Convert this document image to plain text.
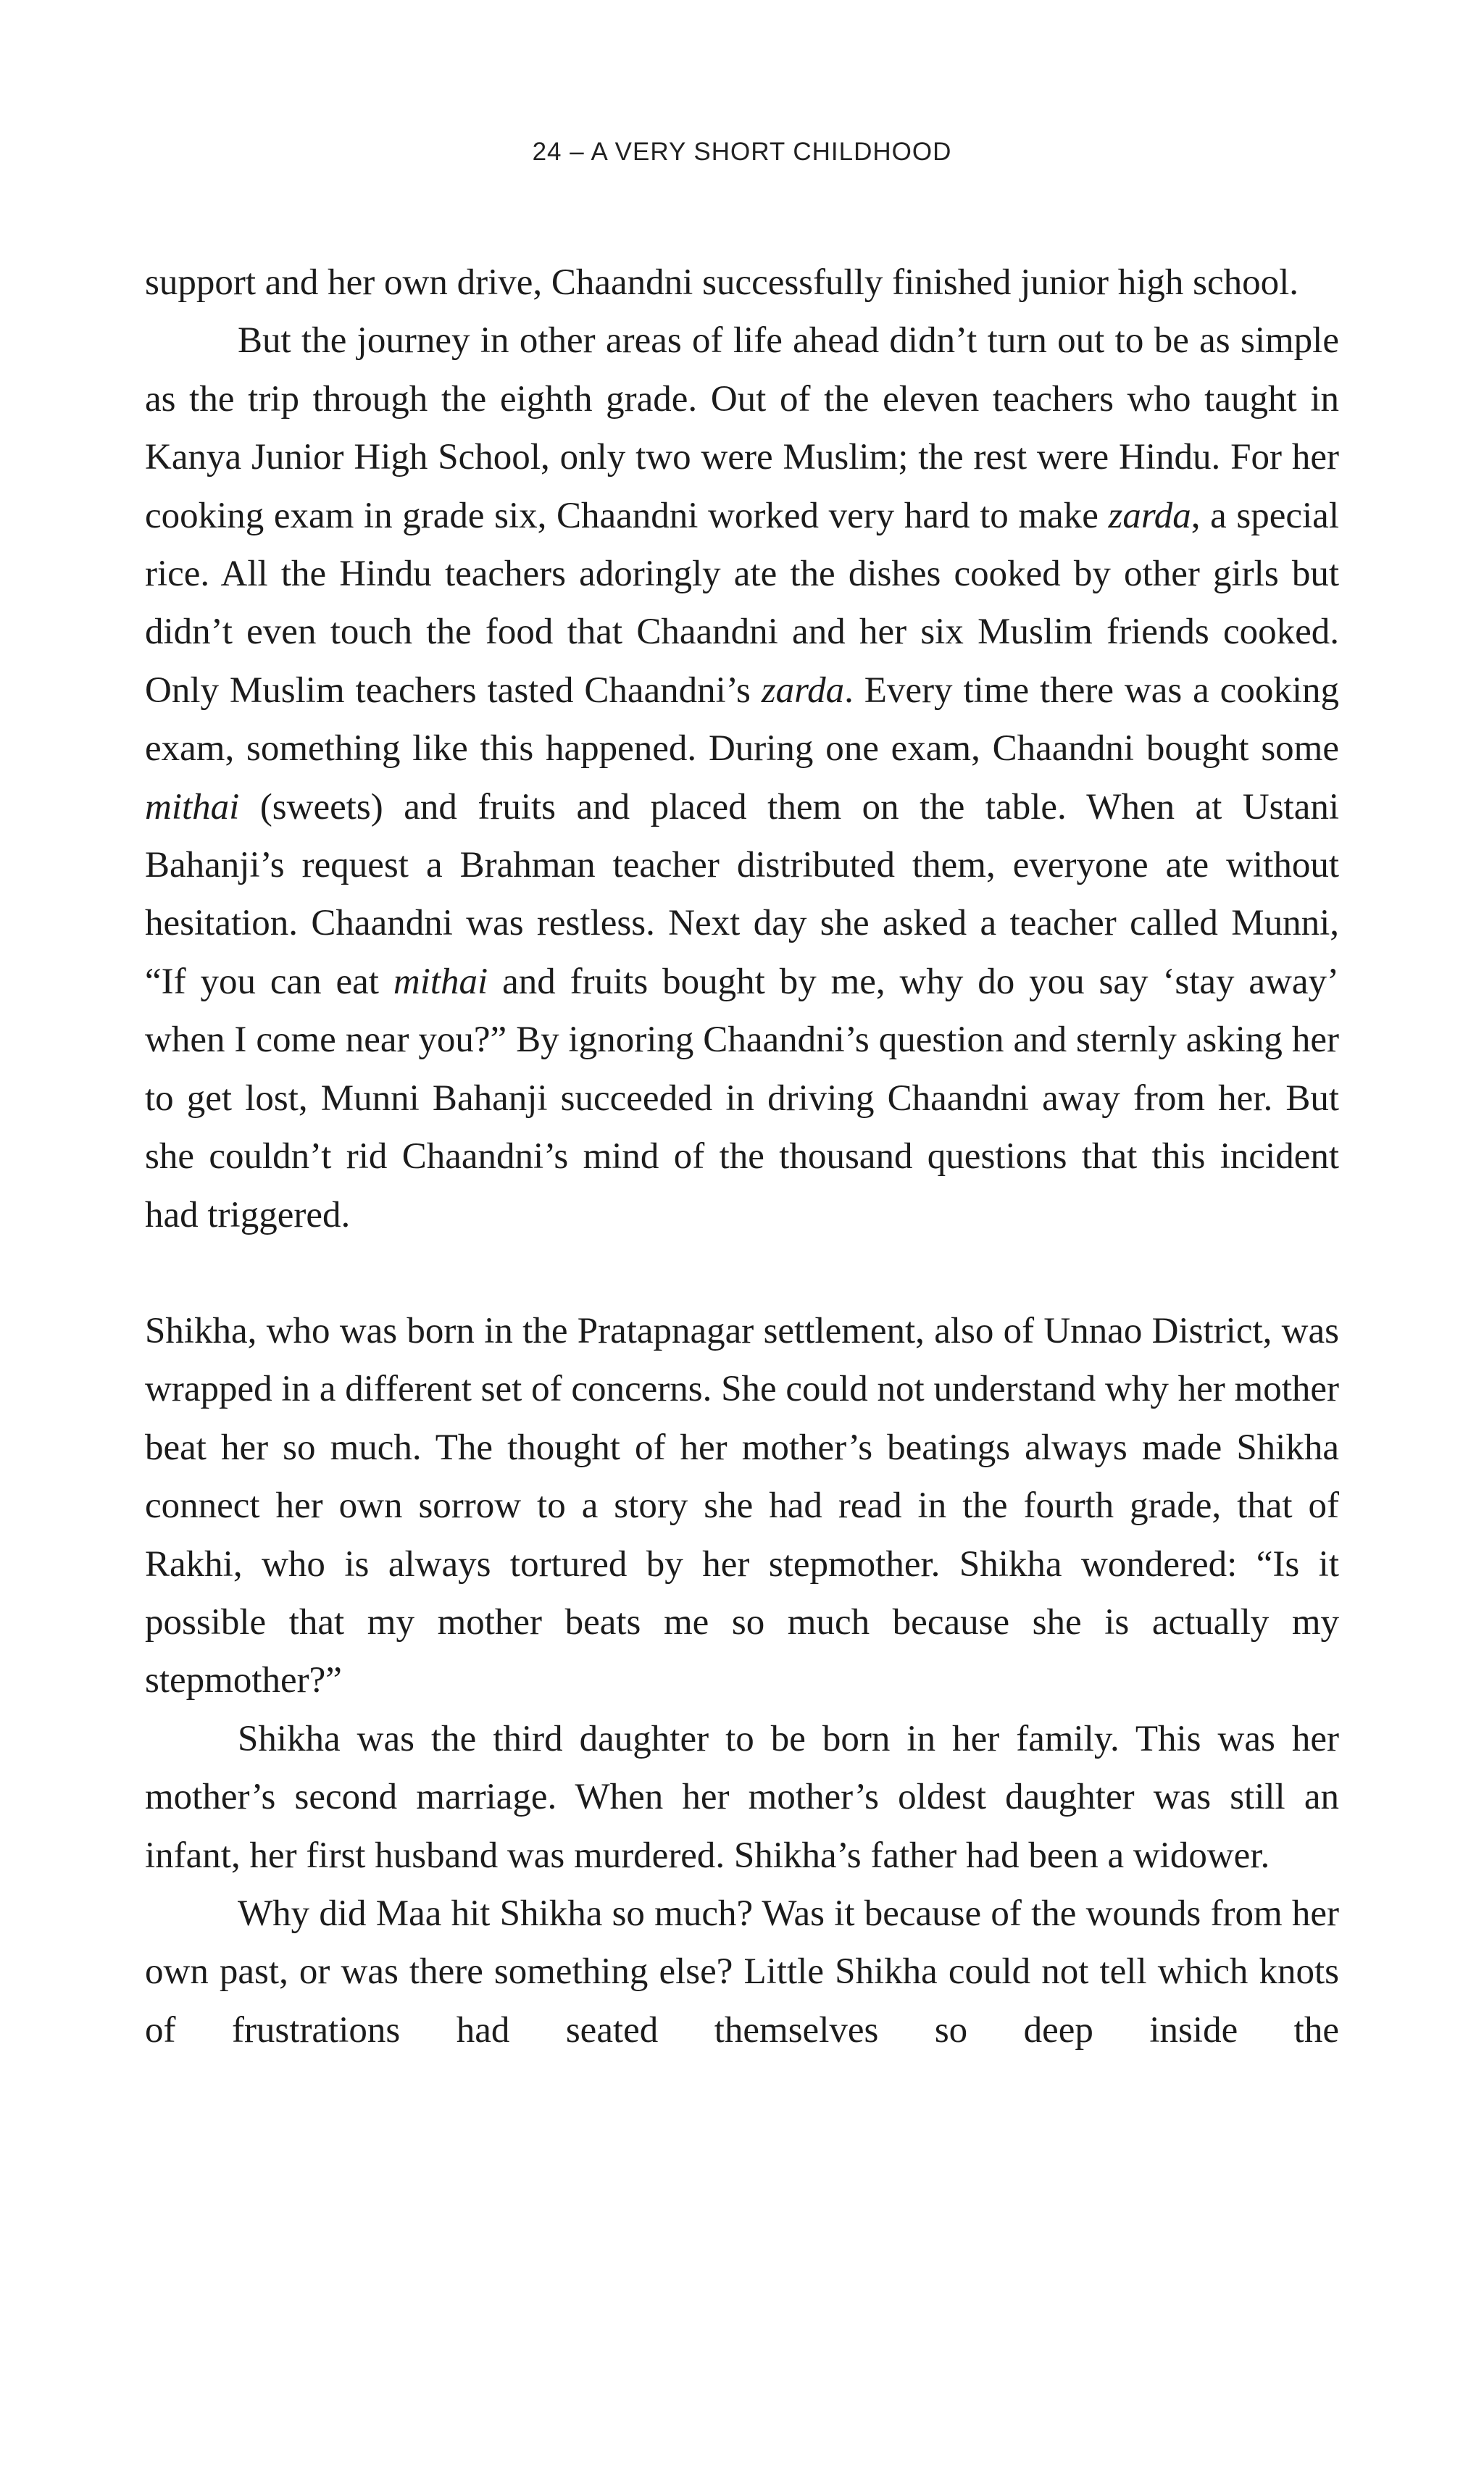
24 – A VERY SHORT CHILDHOOD

support and her own drive, Chaandni successfully finished junior high school.

But the journey in other areas of life ahead didn’t turn out to be as simple as the trip through the eighth grade. Out of the eleven teachers who taught in Kanya Junior High School, only two were Muslim; the rest were Hindu. For her cooking exam in grade six, Chaandni worked very hard to make zarda, a special rice. All the Hindu teachers adoringly ate the dishes cooked by other girls but didn’t even touch the food that Chaandni and her six Muslim friends cooked. Only Muslim teachers tasted Chaandni’s zarda. Every time there was a cooking exam, something like this happened. During one exam, Chaandni bought some mithai (sweets) and fruits and placed them on the table. When at Ustani Bahanji’s request a Brahman teacher distributed them, everyone ate without hesitation. Chaandni was restless. Next day she asked a teacher called Munni, “If you can eat mithai and fruits bought by me, why do you say ‘stay away’ when I come near you?” By ignoring Chaandni’s question and sternly asking her to get lost, Munni Bahanji succeeded in driving Chaandni away from her. But she couldn’t rid Chaandni’s mind of the thousand questions that this incident had triggered.

Shikha, who was born in the Pratapnagar settlement, also of Unnao District, was wrapped in a different set of concerns. She could not understand why her mother beat her so much. The thought of her mother’s beatings always made Shikha connect her own sorrow to a story she had read in the fourth grade, that of Rakhi, who is always tortured by her stepmother. Shikha wondered: “Is it possible that my mother beats me so much because she is actually my stepmother?”

Shikha was the third daughter to be born in her family. This was her mother’s second marriage. When her mother’s oldest daughter was still an infant, her first husband was murdered. Shikha’s father had been a widower.

Why did Maa hit Shikha so much? Was it because of the wounds from her own past, or was there something else? Little Shikha could not tell which knots of frustrations had seated themselves so deep inside the
